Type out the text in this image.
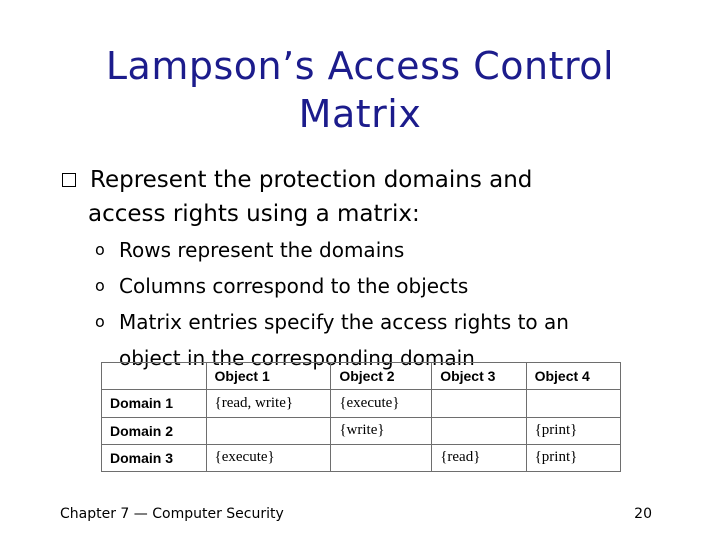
Lampson’s Access Control
Matrix
Represent the protection domains and
access rights using a matrix:
o Rows represent the domains
o Columns correspond to the objects
o Matrix entries specify the access rights to an
object in the corresponding domain
	Object 1	Object 2	Object 3	Object 4
Domain 1	{read, write}	{execute}		
Domain 2		{write}		{print}
Domain 3	{execute}		{read}	{print}
Chapter 7 — Computer Security	20
